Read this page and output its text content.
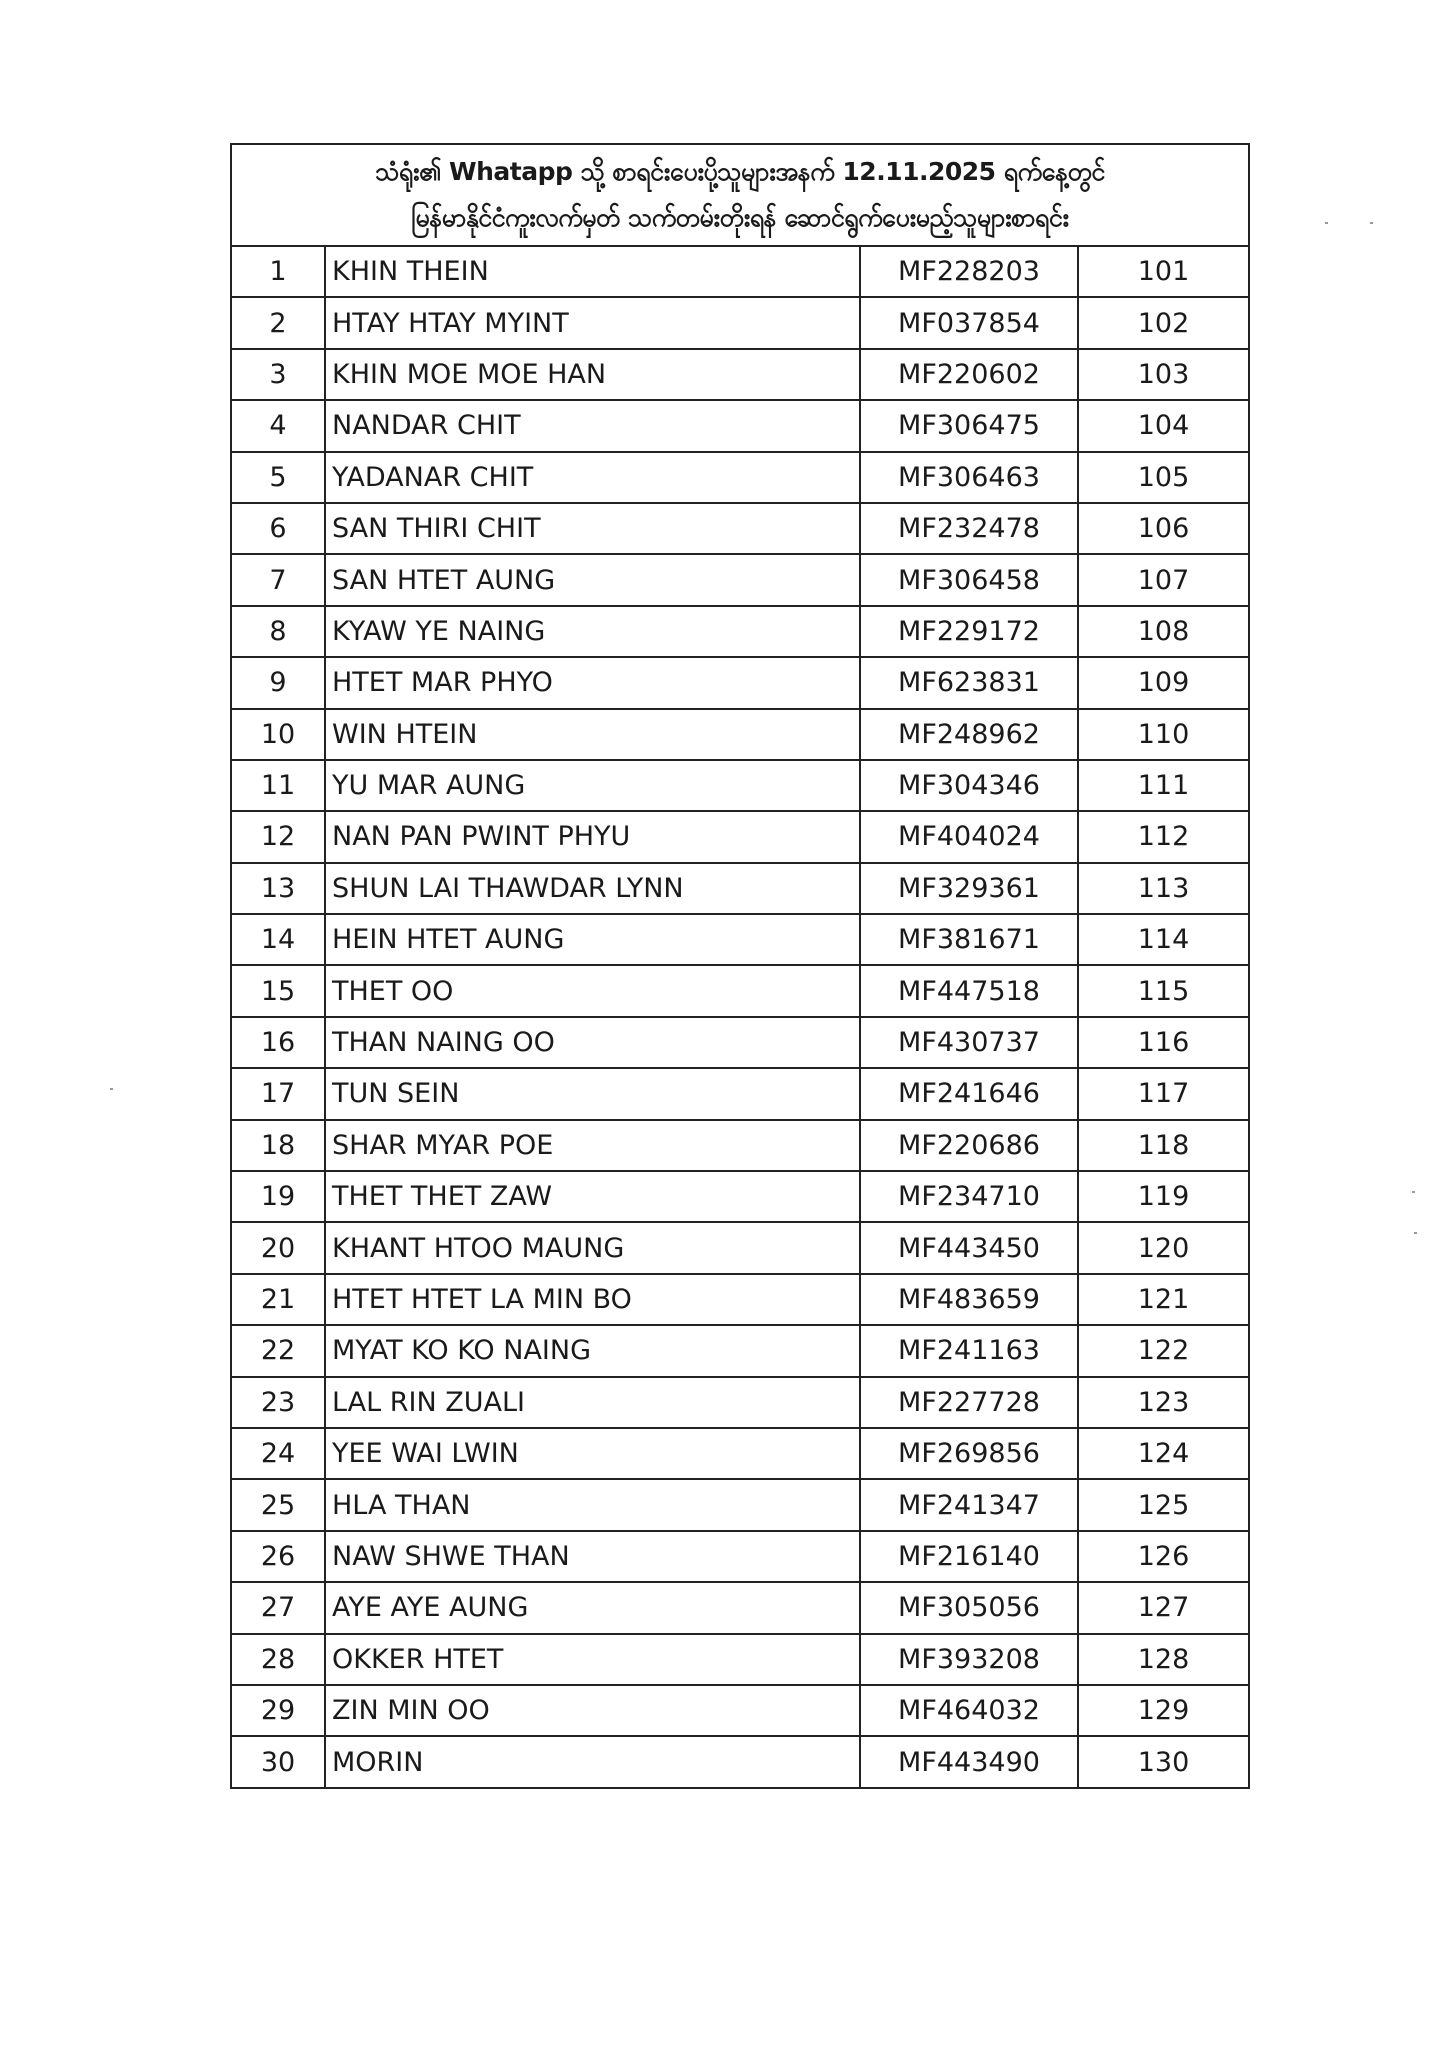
သံရုံး၏ Whatapp သို့ စာရင်းပေးပို့သူများအနက် 12.11.2025 ရက်နေ့တွင်
မြန်မာနိုင်ငံကူးလက်မှတ် သက်တမ်းတိုးရန် ဆောင်ရွက်ပေးမည့်သူများစာရင်း
1	KHIN THEIN	MF228203	101
2	HTAY HTAY MYINT	MF037854	102
3	KHIN MOE MOE HAN	MF220602	103
4	NANDAR CHIT	MF306475	104
5	YADANAR CHIT	MF306463	105
6	SAN THIRI CHIT	MF232478	106
7	SAN HTET AUNG	MF306458	107
8	KYAW YE NAING	MF229172	108
9	HTET MAR PHYO	MF623831	109
10	WIN HTEIN	MF248962	110
11	YU MAR AUNG	MF304346	111
12	NAN PAN PWINT PHYU	MF404024	112
13	SHUN LAI THAWDAR LYNN	MF329361	113
14	HEIN HTET AUNG	MF381671	114
15	THET OO	MF447518	115
16	THAN NAING OO	MF430737	116
17	TUN SEIN	MF241646	117
18	SHAR MYAR POE	MF220686	118
19	THET THET ZAW	MF234710	119
20	KHANT HTOO MAUNG	MF443450	120
21	HTET HTET LA MIN BO	MF483659	121
22	MYAT KO KO NAING	MF241163	122
23	LAL RIN ZUALI	MF227728	123
24	YEE WAI LWIN	MF269856	124
25	HLA THAN	MF241347	125
26	NAW SHWE THAN	MF216140	126
27	AYE AYE AUNG	MF305056	127
28	OKKER HTET	MF393208	128
29	ZIN MIN OO	MF464032	129
30	MORIN	MF443490	130
